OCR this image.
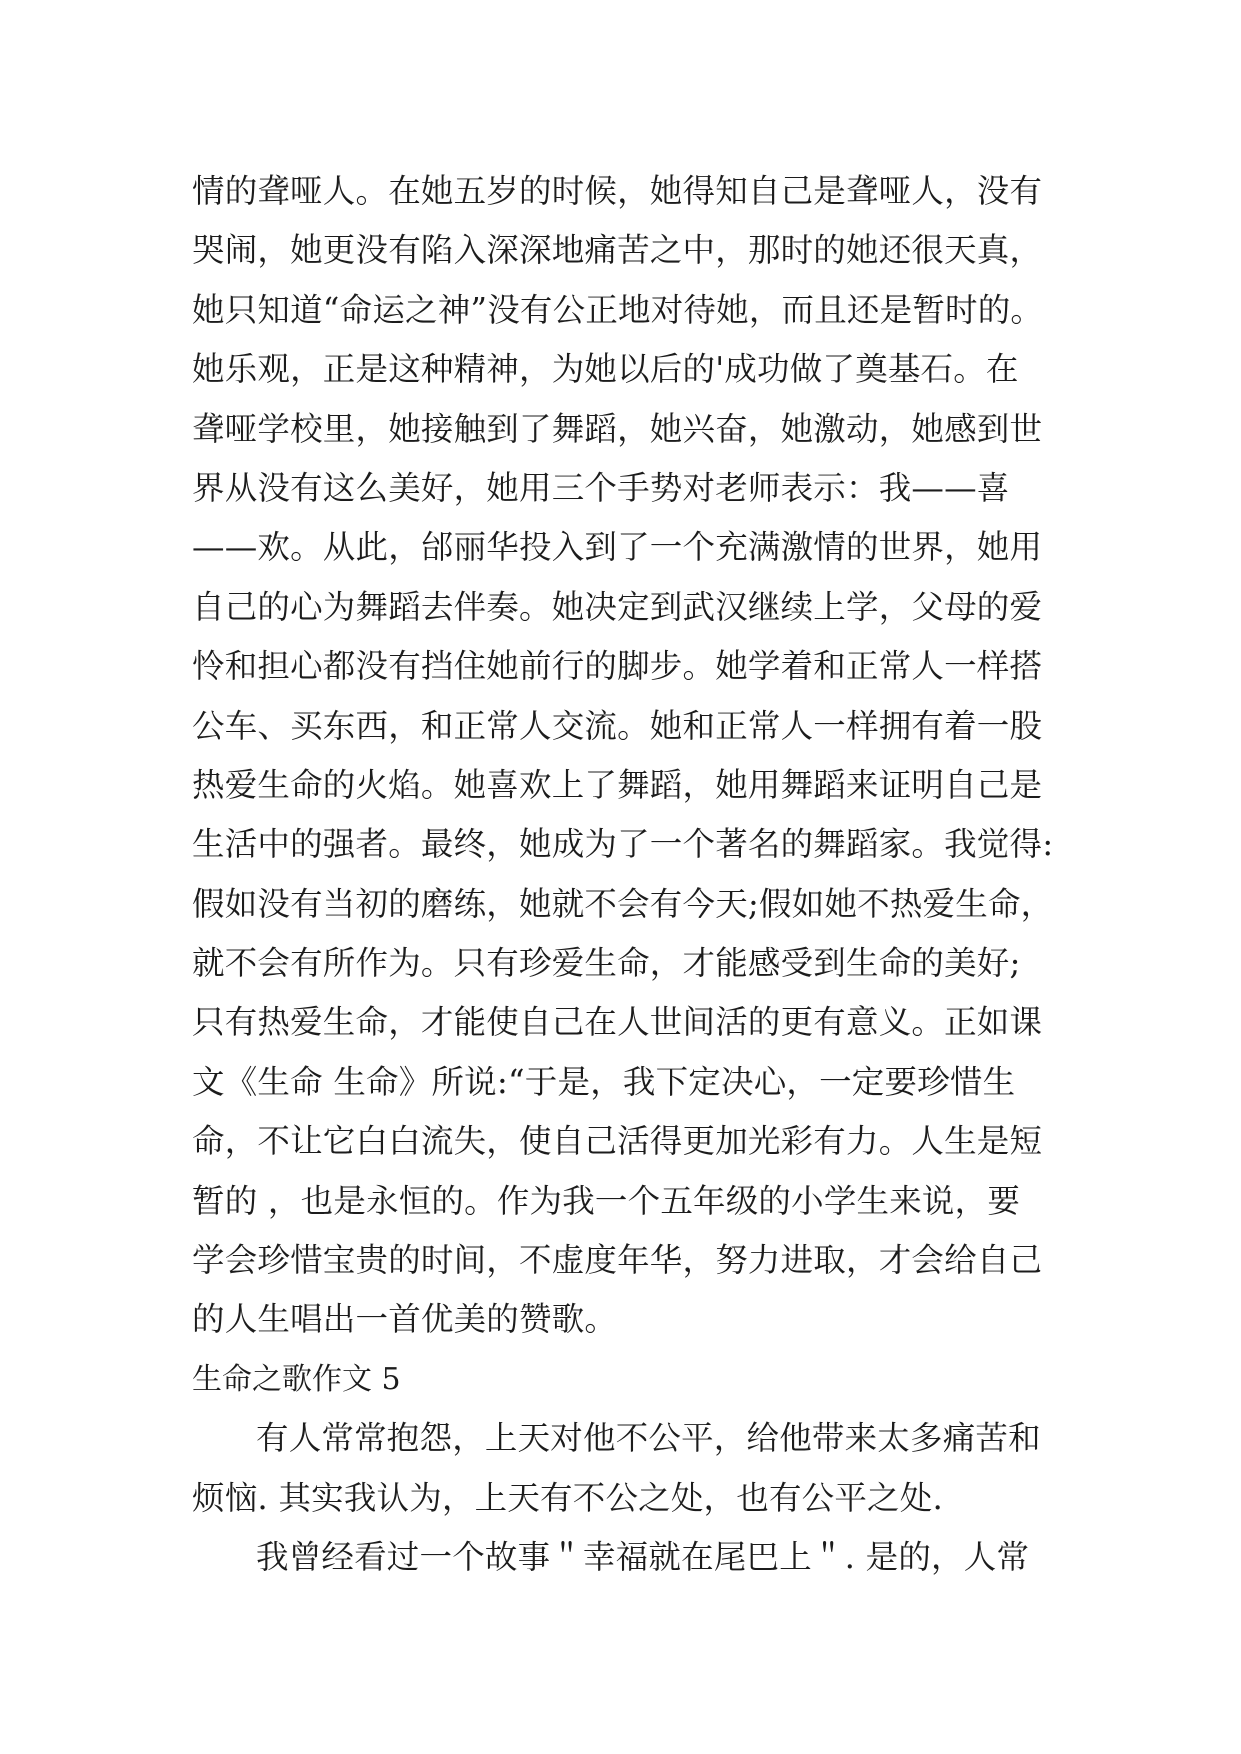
情的聋哑人。在她五岁的时候，她得知自己是聋哑人，没有
哭闹，她更没有陷入深深地痛苦之中，那时的她还很天真，
她只知道“命运之神”没有公正地对待她，而且还是暂时的。
她乐观，正是这种精神，为她以后的'成功做了奠基石。在
聋哑学校里，她接触到了舞蹈，她兴奋，她激动，她感到世
界从没有这么美好，她用三个手势对老师表示：我——喜
——欢。从此，邰丽华投入到了一个充满激情的世界，她用
自己的心为舞蹈去伴奏。她决定到武汉继续上学，父母的爱
怜和担心都没有挡住她前行的脚步。她学着和正常人一样搭
公车、买东西，和正常人交流。她和正常人一样拥有着一股
热爱生命的火焰。她喜欢上了舞蹈，她用舞蹈来证明自己是
生活中的强者。最终，她成为了一个著名的舞蹈家。我觉得:
假如没有当初的磨练，她就不会有今天;假如她不热爱生命，
就不会有所作为。只有珍爱生命，才能感受到生命的美好;
只有热爱生命，才能使自己在人世间活的更有意义。正如课
文《生命 生命》所说:“于是，我下定决心，一定要珍惜生
命，不让它白白流失，使自己活得更加光彩有力。人生是短
暂的 ，也是永恒的。作为我一个五年级的小学生来说，要
学会珍惜宝贵的时间，不虚度年华，努力进取，才会给自己
的人生唱出一首优美的赞歌。
生命之歌作文 5
有人常常抱怨，上天对他不公平，给他带来太多痛苦和
烦恼. 其实我认为，上天有不公之处，也有公平之处.
我曾经看过一个故事＂幸福就在尾巴上＂. 是的，人常
